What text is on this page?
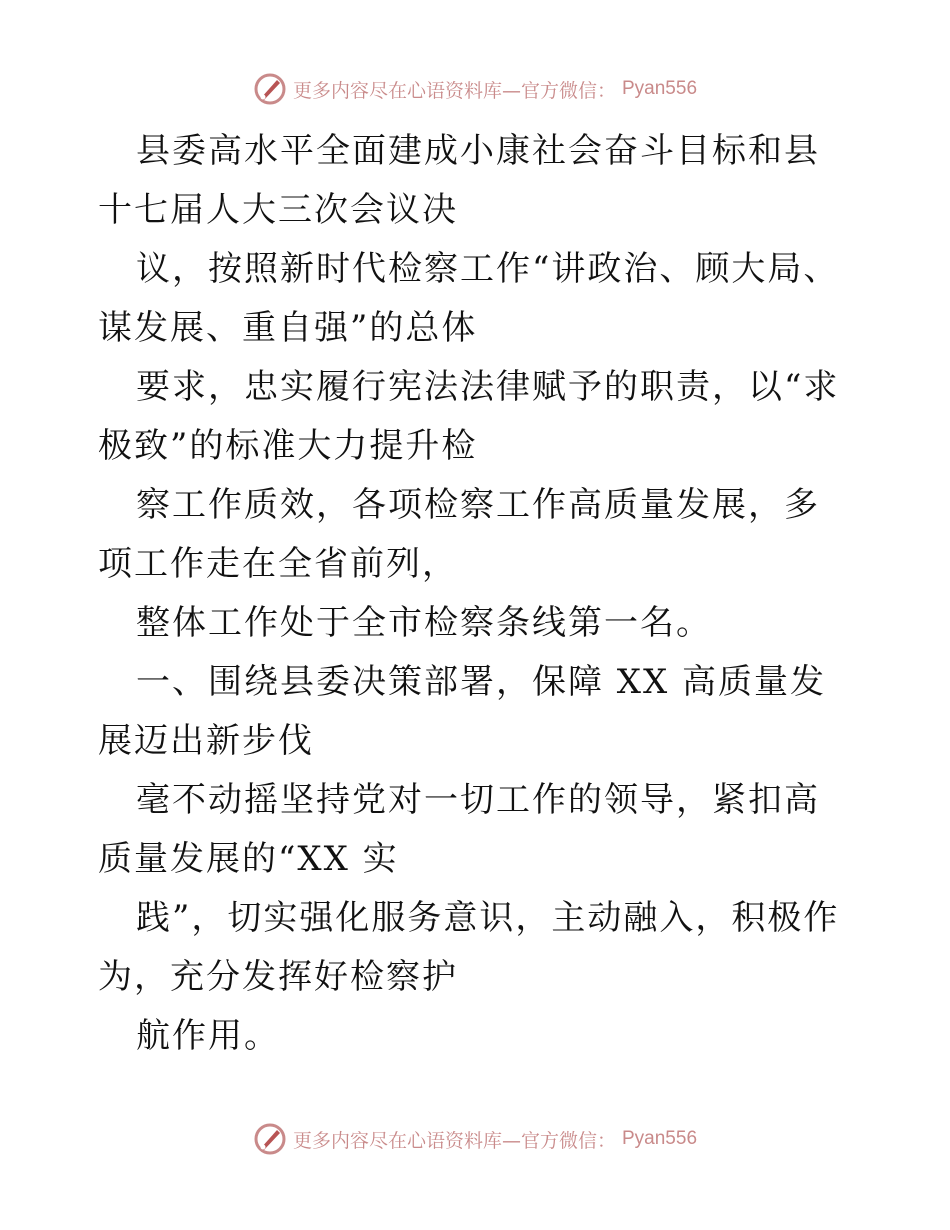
更多内容尽在心语资料库—官方微信： Pyan556

县委高水平全面建成小康社会奋斗目标和县十七届人大三次会议决

议，按照新时代检察工作“讲政治、顾大局、谋发展、重自强”的总体

要求，忠实履行宪法法律赋予的职责，以“求极致”的标准大力提升检

察工作质效，各项检察工作高质量发展，多项工作走在全省前列，

整体工作处于全市检察条线第一名。

一、围绕县委决策部署，保障 XX 高质量发展迈出新步伐

毫不动摇坚持党对一切工作的领导，紧扣高质量发展的“XX 实

践”，切实强化服务意识，主动融入，积极作为，充分发挥好检察护

航作用。

更多内容尽在心语资料库—官方微信： Pyan556
